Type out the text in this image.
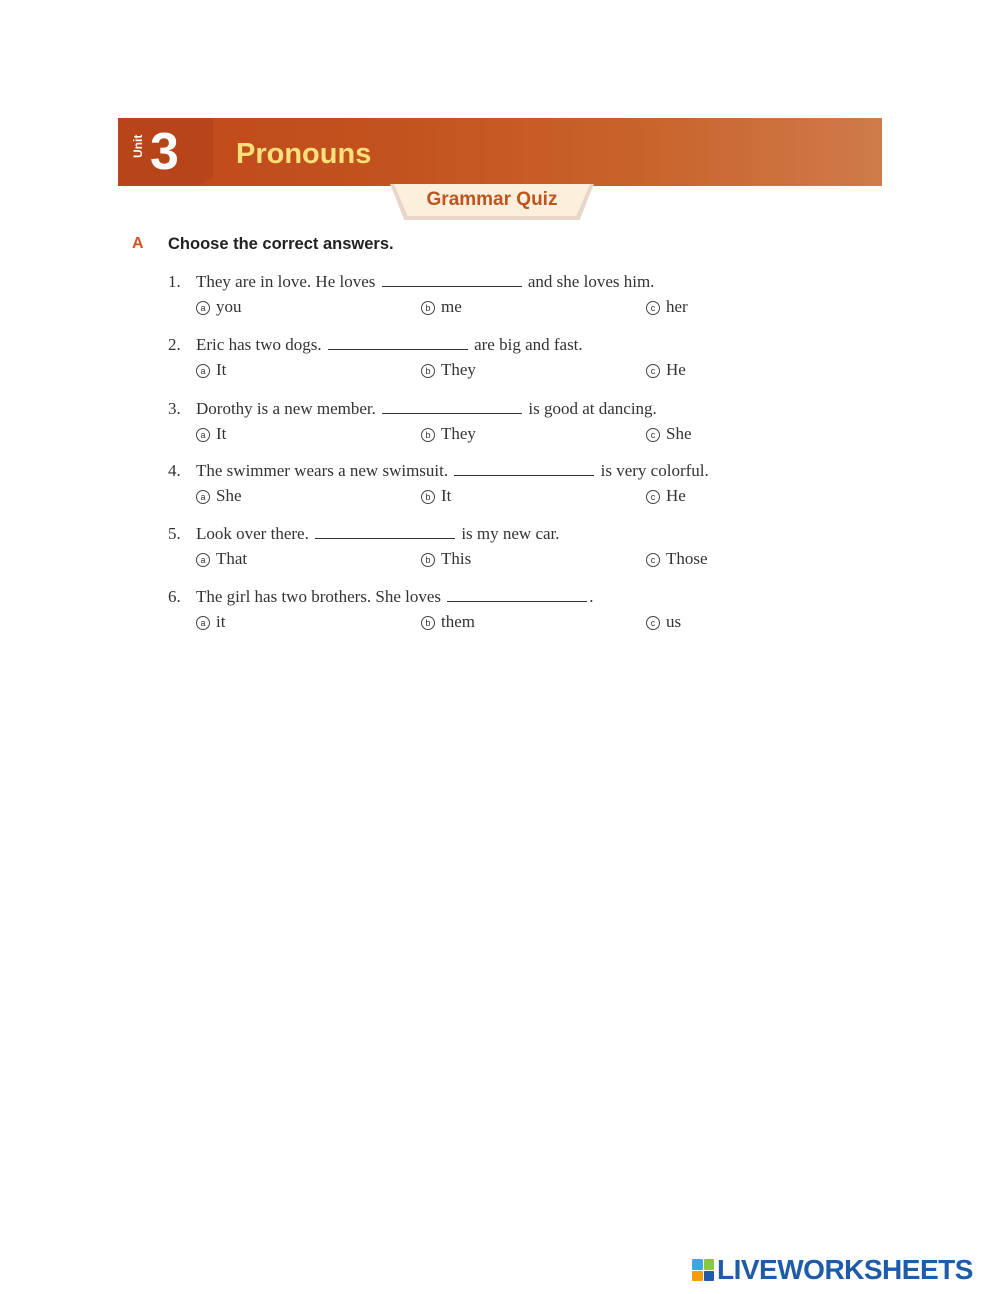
Unit 3 Pronouns
Grammar Quiz
A Choose the correct answers.
1. They are in love. He loves	and she loves him.
a you	b me	c her
2. Eric has two dogs.	are big and fast.
a It	b They	c He
3. Dorothy is a new member.	is good at dancing.
a It	b They	c She
4. The swimmer wears a new swimsuit.	is very colorful.
a She	b It	c He
5. Look over there.	is my new car.
a That	b This	c Those
6. The girl has two brothers. She loves	.
a it	b them	c us
LIVEWORKSHEETS
